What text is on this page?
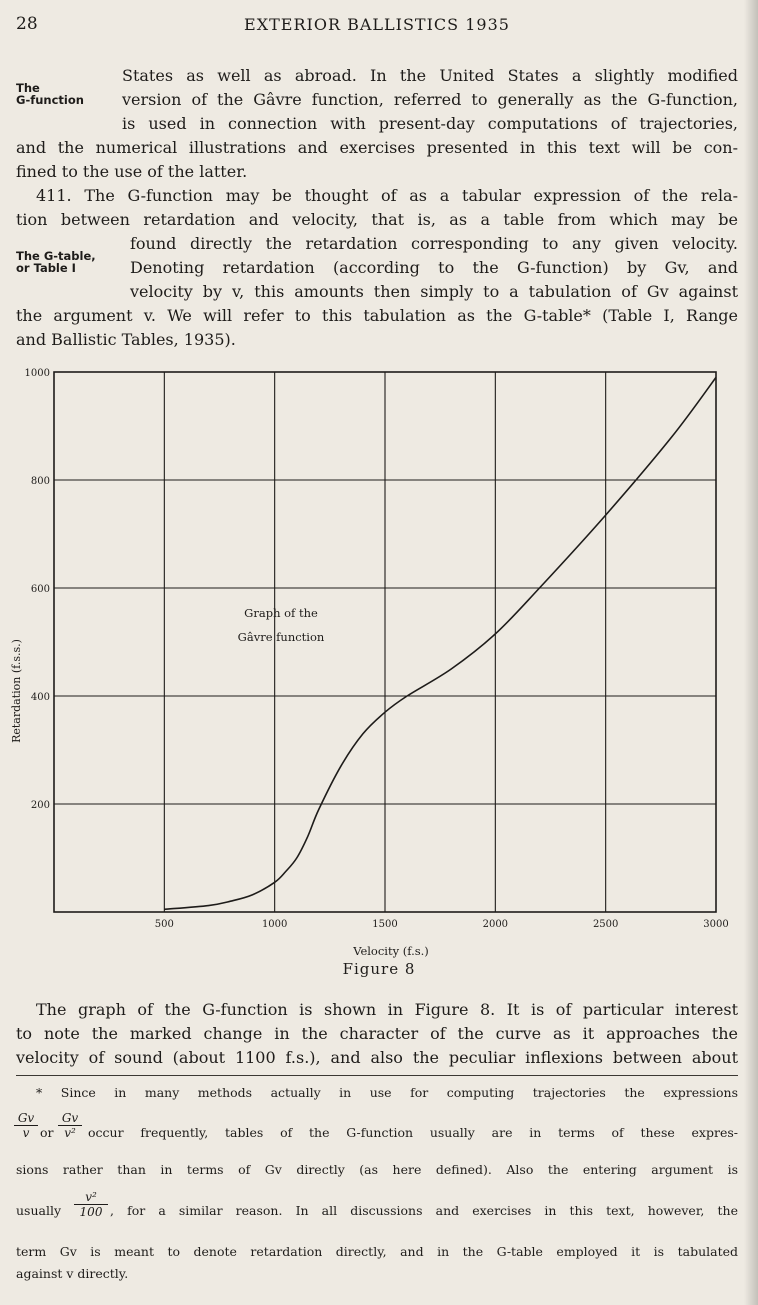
28	EXTERIOR BALLISTICS 1935
The
G-function
States as well as abroad. In the United States a slightly modified
version of the Gâvre function, referred to generally as the G-function,
is used in connection with present-day computations of trajectories,
and the numerical illustrations and exercises presented in this text will be con-
fined to the use of the latter.
The G-table,
or Table I
411. The G-function may be thought of as a tabular expression of the rela-
tion between retardation and velocity, that is, as a table from which may be
found directly the retardation corresponding to any given velocity.
Denoting retardation (according to the G-function) by Gv, and
velocity by v, this amounts then simply to a tabulation of Gv against
the argument v. We will refer to this tabulation as the G-table* (Table I, Range
and Ballistic Tables, 1935).
500	1000	1500	2000	2500	3000
200
400
600
800
1000
Graph of the
Gâvre function
Velocity (f.s.)
Retardation (f.s.s.)
Figure 8
The graph of the G-function is shown in Figure 8. It is of particular interest
to note the marked change in the character of the curve as it approaches the
velocity of sound (about 1100 f.s.), and also the peculiar inflexions between about
* Since in many methods actually in use for computing trajectories the expressions
$\frac{Gv}{v}$ or $\frac{Gv}{\text{v²}}$ occur frequently, tables of the G-function usually are in terms of these expres-
sions rather than in terms of Gv directly (as here defined). Also the entering argument is
usually $\frac{\text{v²}}{100}$ , for a similar reason. In all discussions and exercises in this text, however, the
term Gv is meant to denote retardation directly, and in the G-table employed it is tabulated
against v directly.
